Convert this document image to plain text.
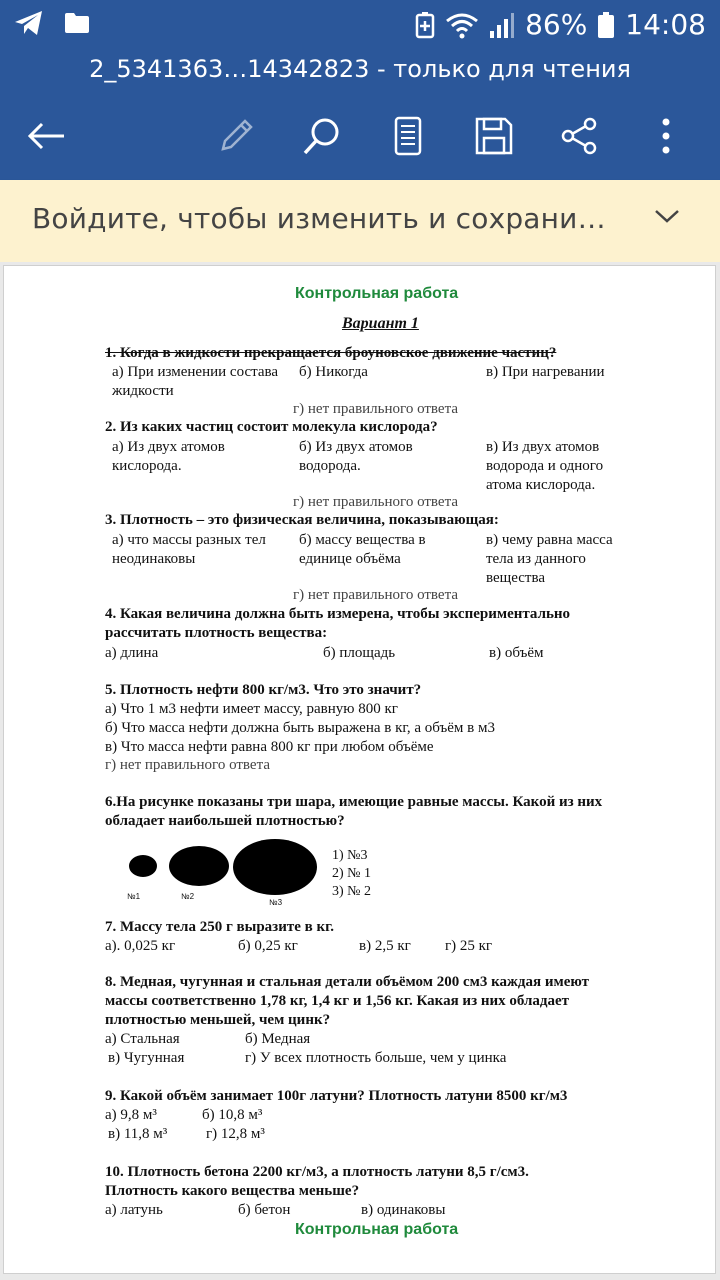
86% 14:08
2_5341363…14342823 - только для чтения
Войдите, чтобы изменить и сохрани…
Контрольная работа
Вариант 1
1. Когда в жидкости прекращается броуновское движение частиц?
а) При изменении состава жидкости
б) Никогда	в) При нагревании
г) нет правильного ответа
2. Из каких частиц состоит молекула кислорода?
а) Из двух атомов кислорода.
б) Из двух атомов водорода.
в) Из двух атомов водорода и одного атома кислорода.
г) нет правильного ответа
3. Плотность – это физическая величина, показывающая:
а) что массы разных тел неодинаковы
б) массу вещества в единице объёма
в) чему равна масса тела из данного вещества
г) нет правильного ответа
4. Какая величина должна быть измерена, чтобы экспериментально
рассчитать плотность вещества:
а) длина	б) площадь	в) объём
5. Плотность нефти 800 кг/м3. Что это значит?
а) Что 1 м3 нефти имеет массу, равную 800 кг
б) Что масса нефти должна быть выражена в кг, а объём в м3
в) Что масса нефти равна 800 кг при любом объёме
г) нет правильного ответа
6.На рисунке показаны три шара, имеющие равные массы. Какой из них
обладает наибольшей плотностью?
№1	№2
№3
1) №3
2) № 1
3) № 2
7. Массу тела 250 г выразите в кг.
а). 0,025 кг	б) 0,25 кг	в) 2,5 кг г) 25 кг
8. Медная, чугунная и стальная детали объёмом 200 см3 каждая имеют
массы соответственно 1,78 кг, 1,4 кг и 1,56 кг. Какая из них обладает
плотностью меньшей, чем цинк?
а) Стальная	б) Медная
в) Чугунная	г) У всех плотность больше, чем у цинка
9. Какой объём занимает 100г латуни? Плотность латуни 8500 кг/м3
а) 9,8 м³	б) 10,8 м³
в) 11,8 м³	г) 12,8 м³
10. Плотность бетона 2200 кг/м3, а плотность латуни 8,5 г/см3.
Плотность какого вещества меньше?
а) латунь	б) бетон	в) одинаковы
Контрольная работа
